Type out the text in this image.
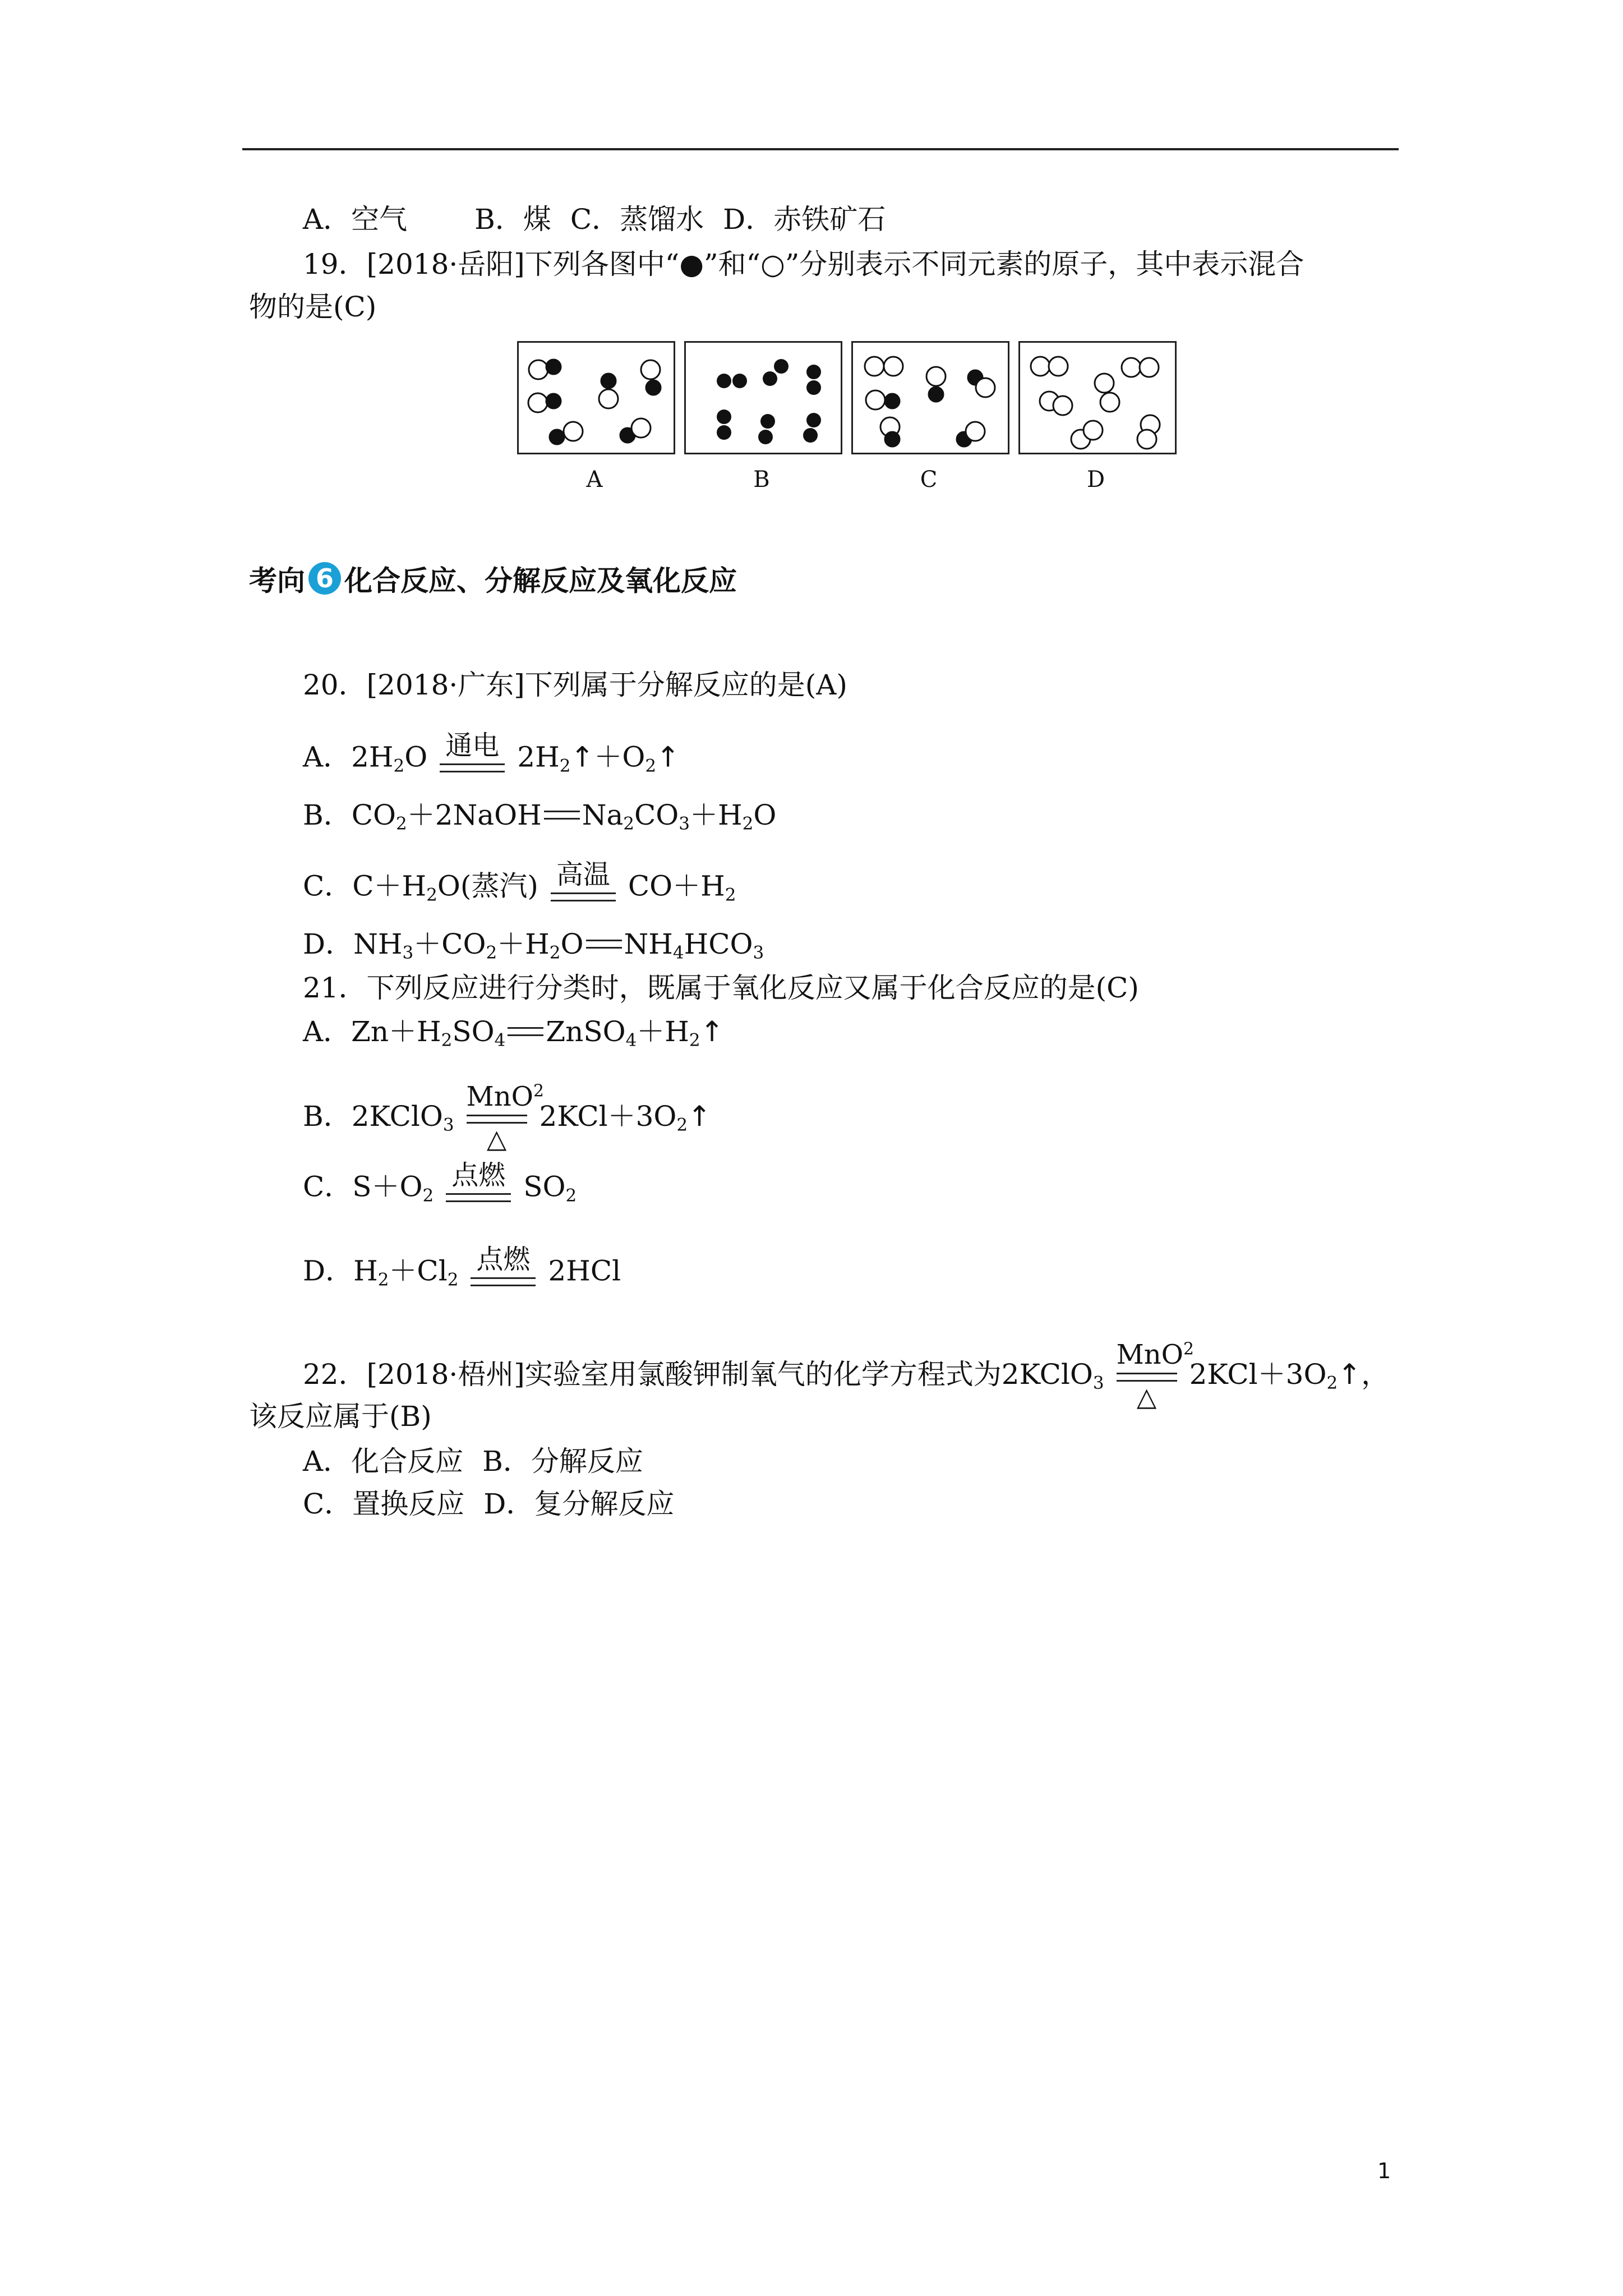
A．空气 B．煤 C．蒸馏水 D．赤铁矿石
19．[2018·岳阳]下列各图中“●”和“○”分别表示不同元素的原子，其中表示混合
物的是(C)
A	B	C	D
考向 6 化合反应、分解反应及氧化反应
20．[2018·广东]下列属于分解反应的是(A)
A．$2H_2O$ 通电 $2H_2↑+O_2↑$
B．$CO_2+2NaOH$ $Na_2CO_3+H_2O$
C．$C+H_2O$(蒸汽) 高温 $CO+H_2$
D．$NH_3+CO_2+H_2O$ $NH_4HCO_3$
21．下列反应进行分类时，既属于氧化反应又属于化合反应的是(C)
A．$Zn+H_2SO_4$ $ZnSO_4+H_2↑$
B．2KClO$_3$
MnO$^2$
△
$2KCl+3O_2↑$
C．$S+O_2$
点燃 $SO_2$
D．$H_2+Cl_2$
点燃 2HCl
22．[2018·梧州]实验室用氯酸钾制氧气的化学方程式为2KClO$_3$
MnO$^2$
△
$2KCl+3O_2↑$，
该反应属于(B)
A．化合反应 B．分解反应
C．置换反应 D．复分解反应
1
